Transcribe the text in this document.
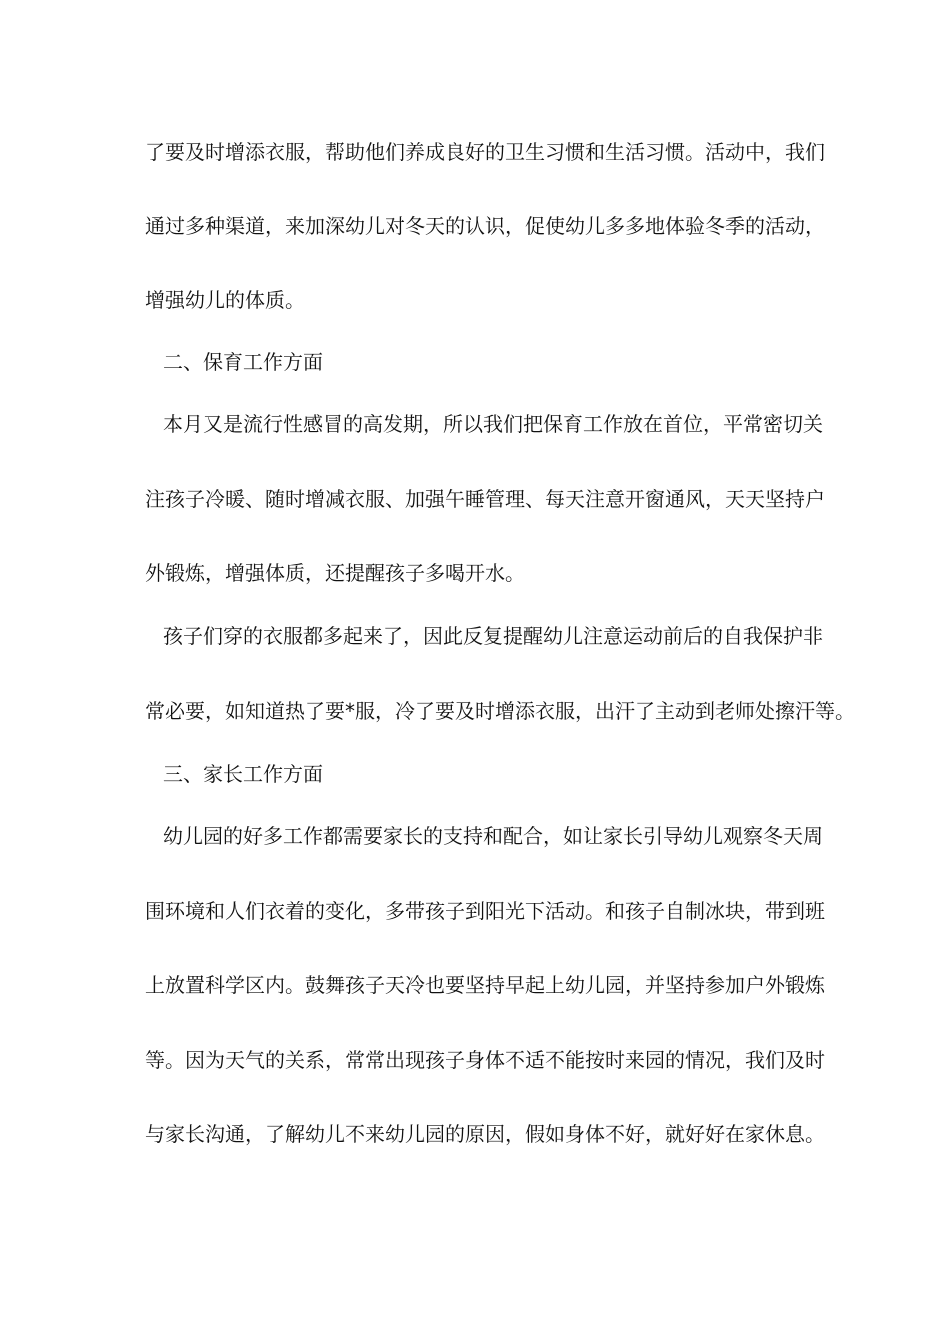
了要及时增添衣服，帮助他们养成良好的卫生习惯和生活习惯。活动中，我们
通过多种渠道，来加深幼儿对冬天的认识，促使幼儿多多地体验冬季的活动，
增强幼儿的体质。
二、保育工作方面
本月又是流行性感冒的高发期，所以我们把保育工作放在首位，平常密切关
注孩子冷暖、随时增减衣服、加强午睡管理、每天注意开窗通风，天天坚持户
外锻炼，增强体质，还提醒孩子多喝开水。
孩子们穿的衣服都多起来了，因此反复提醒幼儿注意运动前后的自我保护非
常必要，如知道热了要*服，冷了要及时增添衣服，出汗了主动到老师处擦汗等。
三、家长工作方面
幼儿园的好多工作都需要家长的支持和配合，如让家长引导幼儿观察冬天周
围环境和人们衣着的变化，多带孩子到阳光下活动。和孩子自制冰块，带到班
上放置科学区内。鼓舞孩子天冷也要坚持早起上幼儿园，并坚持参加户外锻炼
等。因为天气的关系，常常出现孩子身体不适不能按时来园的情况，我们及时
与家长沟通，了解幼儿不来幼儿园的原因，假如身体不好，就好好在家休息。
